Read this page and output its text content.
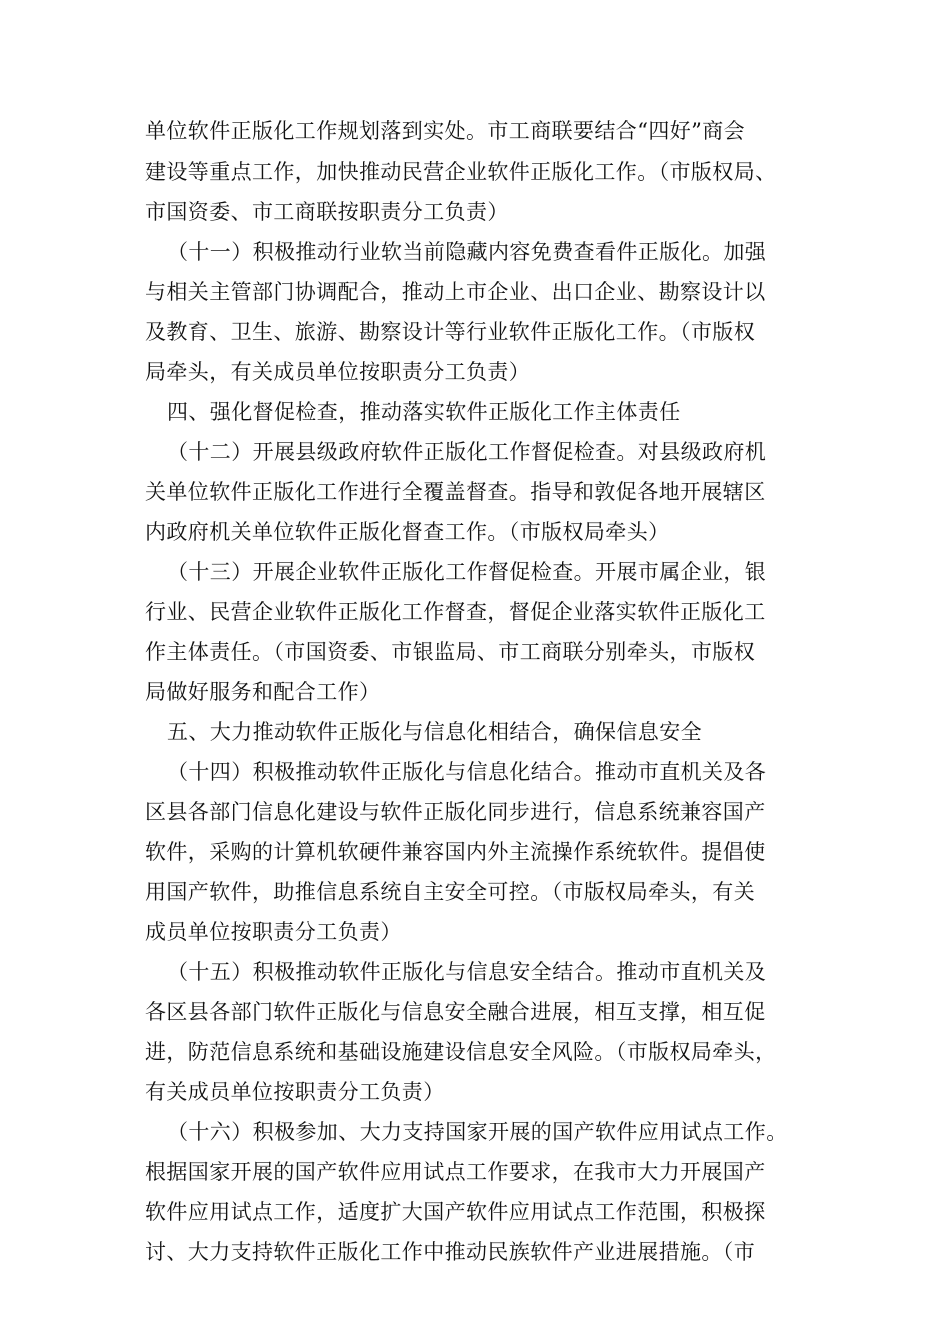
单位软件正版化工作规划落到实处。市工商联要结合“四好”商会
建设等重点工作，加快推动民营企业软件正版化工作。（市版权局、
市国资委、市工商联按职责分工负责）
（十一）积极推动行业软当前隐藏内容免费查看件正版化。加强
与相关主管部门协调配合，推动上市企业、出口企业、勘察设计以
及教育、卫生、旅游、勘察设计等行业软件正版化工作。（市版权
局牵头，有关成员单位按职责分工负责）
四、强化督促检查，推动落实软件正版化工作主体责任
（十二）开展县级政府软件正版化工作督促检查。对县级政府机
关单位软件正版化工作进行全覆盖督查。指导和敦促各地开展辖区
内政府机关单位软件正版化督查工作。（市版权局牵头）
（十三）开展企业软件正版化工作督促检查。开展市属企业，银
行业、民营企业软件正版化工作督查，督促企业落实软件正版化工
作主体责任。（市国资委、市银监局、市工商联分别牵头，市版权
局做好服务和配合工作）
五、大力推动软件正版化与信息化相结合，确保信息安全
（十四）积极推动软件正版化与信息化结合。推动市直机关及各
区县各部门信息化建设与软件正版化同步进行，信息系统兼容国产
软件，采购的计算机软硬件兼容国内外主流操作系统软件。提倡使
用国产软件，助推信息系统自主安全可控。（市版权局牵头，有关
成员单位按职责分工负责）
（十五）积极推动软件正版化与信息安全结合。推动市直机关及
各区县各部门软件正版化与信息安全融合进展，相互支撑，相互促
进，防范信息系统和基础设施建设信息安全风险。（市版权局牵头，
有关成员单位按职责分工负责）
（十六）积极参加、大力支持国家开展的国产软件应用试点工作。
根据国家开展的国产软件应用试点工作要求，在我市大力开展国产
软件应用试点工作，适度扩大国产软件应用试点工作范围，积极探
讨、大力支持软件正版化工作中推动民族软件产业进展措施。（市
